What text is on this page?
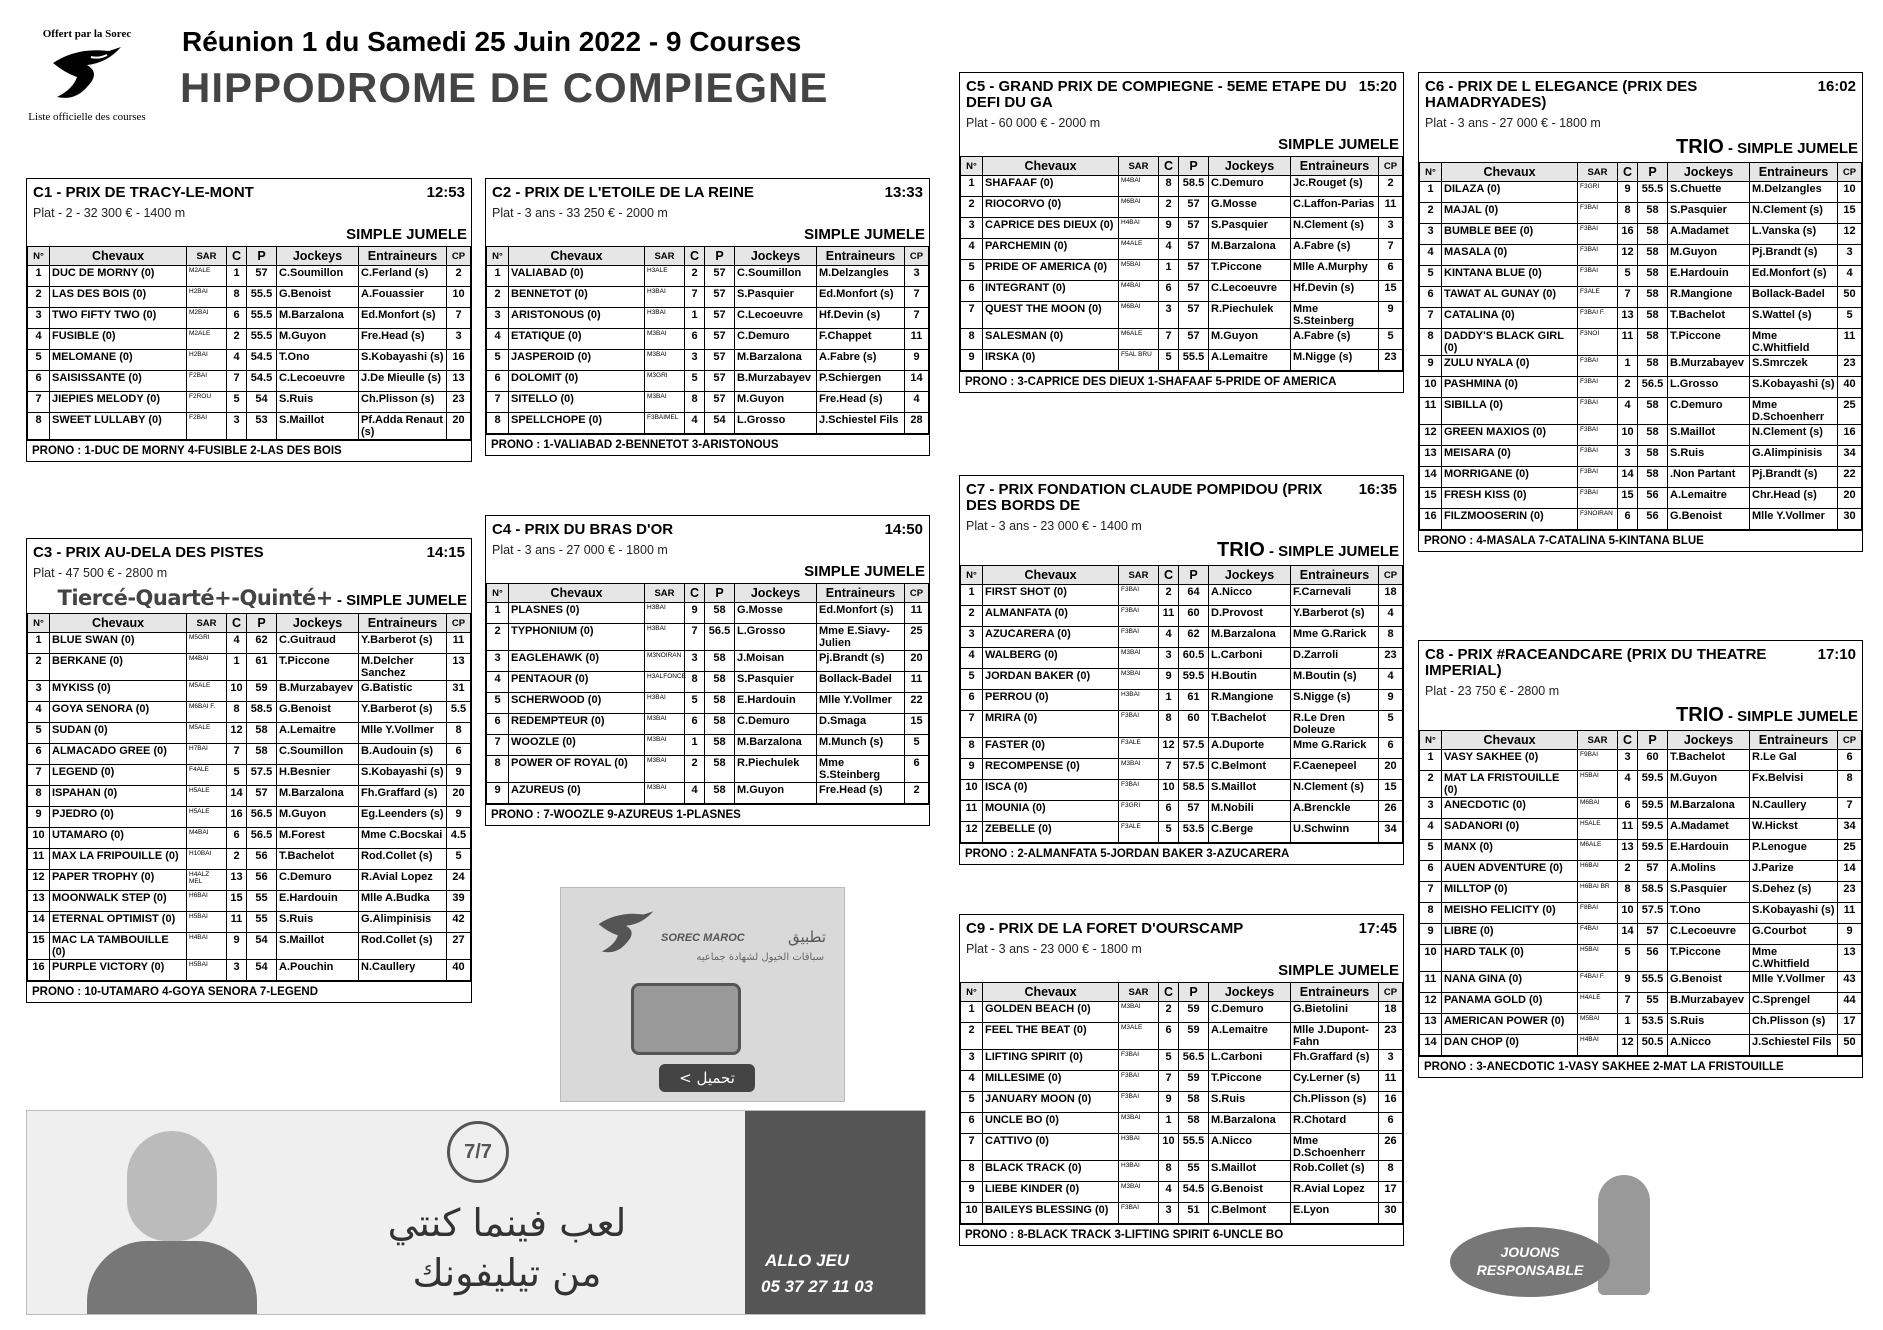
Offert par la Sorec
Liste officielle des courses
Réunion 1 du Samedi 25 Juin 2022 - 9 Courses
HIPPODROME DE COMPIEGNE
C1 - PRIX DE TRACY-LE-MONT	12:53
Plat - 2 - 32 300 € - 1400 m
SIMPLE JUMELE
N°	Chevaux	SAR	C	P	Jockeys	Entraineurs	CP
1	DUC DE MORNY (0)	M2ALE	1	57	C.Soumillon	C.Ferland (s)	2
2	LAS DES BOIS (0)	H2BAI	8	55.5	G.Benoist	A.Fouassier	10
3	TWO FIFTY TWO (0)	M2BAI	6	55.5	M.Barzalona	Ed.Monfort (s)	7
4	FUSIBLE (0)	M2ALE	2	55.5	M.Guyon	Fre.Head (s)	3
5	MELOMANE (0)	H2BAI	4	54.5	T.Ono	S.Kobayashi (s)	16
6	SAISISSANTE (0)	F2BAI	7	54.5	C.Lecoeuvre	J.De Mieulle (s)	13
7	JIEPIES MELODY (0)	F2ROU	5	54	S.Ruis	Ch.Plisson (s)	23
8	SWEET LULLABY (0)	F2BAI	3	53	S.Maillot	Pf.Adda Renaut (s)	20
PRONO : 1-DUC DE MORNY 4-FUSIBLE 2-LAS DES BOIS
C2 - PRIX DE L'ETOILE DE LA REINE	13:33
Plat - 3 ans - 33 250 € - 2000 m
SIMPLE JUMELE
N°	Chevaux	SAR	C	P	Jockeys	Entraineurs	CP
1	VALIABAD (0)	H3ALE	2	57	C.Soumillon	M.Delzangles	3
2	BENNETOT (0)	H3BAI	7	57	S.Pasquier	Ed.Monfort (s)	7
3	ARISTONOUS (0)	H3BAI	1	57	C.Lecoeuvre	Hf.Devin (s)	7
4	ETATIQUE (0)	M3BAI	6	57	C.Demuro	F.Chappet	11
5	JASPEROID (0)	M3BAI	3	57	M.Barzalona	A.Fabre (s)	9
6	DOLOMIT (0)	M3GRI	5	57	B.Murzabayev	P.Schiergen	14
7	SITELLO (0)	M3BAI	8	57	M.Guyon	Fre.Head (s)	4
8	SPELLCHOPE (0)	F3BAIMEL	4	54	L.Grosso	J.Schiestel Fils	28
PRONO : 1-VALIABAD 2-BENNETOT 3-ARISTONOUS
C3 - PRIX AU-DELA DES PISTES	14:15
Plat - 47 500 € - 2800 m
Tiercé-Quarté+-Quinté+ - SIMPLE JUMELE
N°	Chevaux	SAR	C	P	Jockeys	Entraineurs	CP
1	BLUE SWAN (0)	M5GRI	4	62	C.Guitraud	Y.Barberot (s)	11
2	BERKANE (0)	M4BAI	1	61	T.Piccone	M.Delcher Sanchez	13
3	MYKISS (0)	M5ALE	10	59	B.Murzabayev	G.Batistic	31
4	GOYA SENORA (0)	M6BAI F.	8	58.5	G.Benoist	Y.Barberot (s)	5.5
5	SUDAN (0)	M5ALE	12	58	A.Lemaitre	Mlle Y.Vollmer	8
6	ALMACADO GREE (0)	H7BAI	7	58	C.Soumillon	B.Audouin (s)	6
7	LEGEND (0)	F4ALE	5	57.5	H.Besnier	S.Kobayashi (s)	9
8	ISPAHAN (0)	H5ALE	14	57	M.Barzalona	Fh.Graffard (s)	20
9	PJEDRO (0)	H5ALE	16	56.5	M.Guyon	Eg.Leenders (s)	9
10	UTAMARO (0)	M4BAI	6	56.5	M.Forest	Mme C.Bocskai	4.5
11	MAX LA FRIPOUILLE (0)	H10BAI	2	56	T.Bachelot	Rod.Collet (s)	5
12	PAPER TROPHY (0)	H4ALZ MEL	13	56	C.Demuro	R.Avial Lopez	24
13	MOONWALK STEP (0)	H6BAI	15	55	E.Hardouin	Mlle A.Budka	39
14	ETERNAL OPTIMIST (0)	H5BAI	11	55	S.Ruis	G.Alimpinisis	42
15	MAC LA TAMBOUILLE (0)	H4BAI	9	54	S.Maillot	Rod.Collet (s)	27
16	PURPLE VICTORY (0)	H5BAI	3	54	A.Pouchin	N.Caullery	40
PRONO : 10-UTAMARO 4-GOYA SENORA 7-LEGEND
C4 - PRIX DU BRAS D'OR	14:50
Plat - 3 ans - 27 000 € - 1800 m
SIMPLE JUMELE
N°	Chevaux	SAR	C	P	Jockeys	Entraineurs	CP
1	PLASNES (0)	H3BAI	9	58	G.Mosse	Ed.Monfort (s)	11
2	TYPHONIUM (0)	H3BAI	7	56.5	L.Grosso	Mme E.Siavy-Julien	25
3	EAGLEHAWK (0)	M3NOIRAN	3	58	J.Moisan	Pj.Brandt (s)	20
4	PENTAOUR (0)	H3ALFONCE	8	58	S.Pasquier	Bollack-Badel	11
5	SCHERWOOD (0)	H3BAI	5	58	E.Hardouin	Mlle Y.Vollmer	22
6	REDEMPTEUR (0)	M3BAI	6	58	C.Demuro	D.Smaga	15
7	WOOZLE (0)	M3BAI	1	58	M.Barzalona	M.Munch (s)	5
8	POWER OF ROYAL (0)	M3BAI	2	58	R.Piechulek	Mme S.Steinberg	6
9	AZUREUS (0)	M3BAI	4	58	M.Guyon	Fre.Head (s)	2
PRONO : 7-WOOZLE 9-AZUREUS 1-PLASNES
C5 - GRAND PRIX DE COMPIEGNE - 5EME ETAPE DU DEFI DU GA
15:20
Plat - 60 000 € - 2000 m
SIMPLE JUMELE
N°	Chevaux	SAR	C	P	Jockeys	Entraineurs	CP
1	SHAFAAF (0)	M4BAI	8	58.5	C.Demuro	Jc.Rouget (s)	2
2	RIOCORVO (0)	M6BAI	2	57	G.Mosse	C.Laffon-Parias	11
3	CAPRICE DES DIEUX (0)	H4BAI	9	57	S.Pasquier	N.Clement (s)	3
4	PARCHEMIN (0)	M4ALE	4	57	M.Barzalona	A.Fabre (s)	7
5	PRIDE OF AMERICA (0)	M5BAI	1	57	T.Piccone	Mlle A.Murphy	6
6	INTEGRANT (0)	M4BAI	6	57	C.Lecoeuvre	Hf.Devin (s)	15
7	QUEST THE MOON (0)	M6BAI	3	57	R.Piechulek	Mme S.Steinberg	9
8	SALESMAN (0)	M6ALE	7	57	M.Guyon	A.Fabre (s)	5
9	IRSKA (0)	F5AL BRU	5	55.5	A.Lemaitre	M.Nigge (s)	23
PRONO : 3-CAPRICE DES DIEUX 1-SHAFAAF 5-PRIDE OF AMERICA
C6 - PRIX DE L ELEGANCE (PRIX DES HAMADRYADES)
16:02
Plat - 3 ans - 27 000 € - 1800 m
TRIO - SIMPLE JUMELE
N°	Chevaux	SAR	C	P	Jockeys	Entraineurs	CP
1	DILAZA (0)	F3GRI	9	55.5	S.Chuette	M.Delzangles	10
2	MAJAL (0)	F3BAI	8	58	S.Pasquier	N.Clement (s)	15
3	BUMBLE BEE (0)	F3BAI	16	58	A.Madamet	L.Vanska (s)	12
4	MASALA (0)	F3BAI	12	58	M.Guyon	Pj.Brandt (s)	3
5	KINTANA BLUE (0)	F3BAI	5	58	E.Hardouin	Ed.Monfort (s)	4
6	TAWAT AL GUNAY (0)	F3ALE	7	58	R.Mangione	Bollack-Badel	50
7	CATALINA (0)	F3BAI F.	13	58	T.Bachelot	S.Wattel (s)	5
8	DADDY'S BLACK GIRL (0)	F3NOI	11	58	T.Piccone	Mme C.Whitfield	11
9	ZULU NYALA (0)	F3BAI	1	58	B.Murzabayev	S.Smrczek	23
10	PASHMINA (0)	F3BAI	2	56.5	L.Grosso	S.Kobayashi (s)	40
11	SIBILLA (0)	F3BAI	4	58	C.Demuro	Mme D.Schoenherr	25
12	GREEN MAXIOS (0)	F3BAI	10	58	S.Maillot	N.Clement (s)	16
13	MEISARA (0)	F3BAI	3	58	S.Ruis	G.Alimpinisis	34
14	MORRIGANE (0)	F3BAI	14	58	.Non Partant	Pj.Brandt (s)	22
15	FRESH KISS (0)	F3BAI	15	56	A.Lemaitre	Chr.Head (s)	20
16	FILZMOOSERIN (0)	F3NOIRAN	6	56	G.Benoist	Mlle Y.Vollmer	30
PRONO : 4-MASALA 7-CATALINA 5-KINTANA BLUE
C7 - PRIX FONDATION CLAUDE POMPIDOU (PRIX DES BORDS DE
16:35
Plat - 3 ans - 23 000 € - 1400 m
TRIO - SIMPLE JUMELE
N°	Chevaux	SAR	C	P	Jockeys	Entraineurs	CP
1	FIRST SHOT (0)	F3BAI	2	64	A.Nicco	F.Carnevali	18
2	ALMANFATA (0)	F3BAI	11	60	D.Provost	Y.Barberot (s)	4
3	AZUCARERA (0)	F3BAI	4	62	M.Barzalona	Mme G.Rarick	8
4	WALBERG (0)	M3BAI	3	60.5	L.Carboni	D.Zarroli	23
5	JORDAN BAKER (0)	M3BAI	9	59.5	H.Boutin	M.Boutin (s)	4
6	PERROU (0)	H3BAI	1	61	R.Mangione	S.Nigge (s)	9
7	MRIRA (0)	F3BAI	8	60	T.Bachelot	R.Le Dren Doleuze	5
8	FASTER (0)	F3ALE	12	57.5	A.Duporte	Mme G.Rarick	6
9	RECOMPENSE (0)	M3BAI	7	57.5	C.Belmont	F.Caenepeel	20
10	ISCA (0)	F3BAI	10	58.5	S.Maillot	N.Clement (s)	15
11	MOUNIA (0)	F3GRI	6	57	M.Nobili	A.Brenckle	26
12	ZEBELLE (0)	F3ALE	5	53.5	C.Berge	U.Schwinn	34
PRONO : 2-ALMANFATA 5-JORDAN BAKER 3-AZUCARERA
C8 - PRIX #RACEANDCARE (PRIX DU THEATRE IMPERIAL)
17:10
Plat - 23 750 € - 2800 m
TRIO - SIMPLE JUMELE
N°	Chevaux	SAR	C	P	Jockeys	Entraineurs	CP
1	VASY SAKHEE (0)	F9BAI	3	60	T.Bachelot	R.Le Gal	6
2	MAT LA FRISTOUILLE (0)	H5BAI	4	59.5	M.Guyon	Fx.Belvisi	8
3	ANECDOTIC (0)	M6BAI	6	59.5	M.Barzalona	N.Caullery	7
4	SADANORI (0)	H5ALE	11	59.5	A.Madamet	W.Hickst	34
5	MANX (0)	M6ALE	13	59.5	E.Hardouin	P.Lenogue	25
6	AUEN ADVENTURE (0)	H6BAI	2	57	A.Molins	J.Parize	14
7	MILLTOP (0)	H6BAI BR	8	58.5	S.Pasquier	S.Dehez (s)	23
8	MEISHO FELICITY (0)	F8BAI	10	57.5	T.Ono	S.Kobayashi (s)	11
9	LIBRE (0)	F4BAI	14	57	C.Lecoeuvre	G.Courbot	9
10	HARD TALK (0)	H5BAI	5	56	T.Piccone	Mme C.Whitfield	13
11	NANA GINA (0)	F4BAI F.	9	55.5	G.Benoist	Mlle Y.Vollmer	43
12	PANAMA GOLD (0)	H4ALE	7	55	B.Murzabayev	C.Sprengel	44
13	AMERICAN POWER (0)	M5BAI	1	53.5	S.Ruis	Ch.Plisson (s)	17
14	DAN CHOP (0)	H4BAI	12	50.5	A.Nicco	J.Schiestel Fils	50
PRONO : 3-ANECDOTIC 1-VASY SAKHEE 2-MAT LA FRISTOUILLE
C9 - PRIX DE LA FORET D'OURSCAMP	17:45
Plat - 3 ans - 23 000 € - 1800 m
SIMPLE JUMELE
N°	Chevaux	SAR	C	P	Jockeys	Entraineurs	CP
1	GOLDEN BEACH (0)	M3BAI	2	59	C.Demuro	G.Bietolini	18
2	FEEL THE BEAT (0)	M3ALE	6	59	A.Lemaitre	Mlle J.Dupont-Fahn	23
3	LIFTING SPIRIT (0)	F3BAI	5	56.5	L.Carboni	Fh.Graffard (s)	3
4	MILLESIME (0)	F3BAI	7	59	T.Piccone	Cy.Lerner (s)	11
5	JANUARY MOON (0)	F3BAI	9	58	S.Ruis	Ch.Plisson (s)	16
6	UNCLE BO (0)	M3BAI	1	58	M.Barzalona	R.Chotard	6
7	CATTIVO (0)	H3BAI	10	55.5	A.Nicco	Mme D.Schoenherr	26
8	BLACK TRACK (0)	H3BAI	8	55	S.Maillot	Rob.Collet (s)	8
9	LIEBE KINDER (0)	M3BAI	4	54.5	G.Benoist	R.Avial Lopez	17
10	BAILEYS BLESSING (0)	F3BAI	3	51	C.Belmont	E.Lyon	30
PRONO : 8-BLACK TRACK 3-LIFTING SPIRIT 6-UNCLE BO
تطبيق
SOREC MAROC
سباقات الخيول لشهادة جماعيه
< تحميل
7/7
لعب فينما كنتي
من تيليفونك	ALLO JEU
05 37 27 11 03
JOUONS RESPONSABLE
